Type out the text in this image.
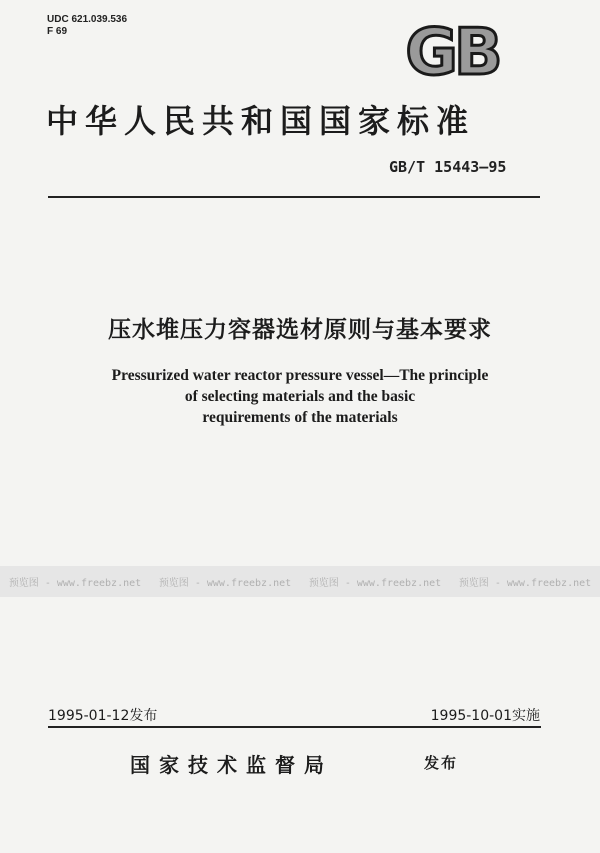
UDC 621.039.536
F 69	GB
中华人民共和国国家标准
GB/T 15443—95
压水堆压力容器选材原则与基本要求
Pressurized water reactor pressure vessel—The principle
of selecting materials and the basic
requirements of the materials
预览图 - www.freebz.net 预览图 - www.freebz.net 预览图 - www.freebz.net 预览图 - www.freebz.net
1995-01-12发布	1995-10-01实施
国家技术监督局	发布
